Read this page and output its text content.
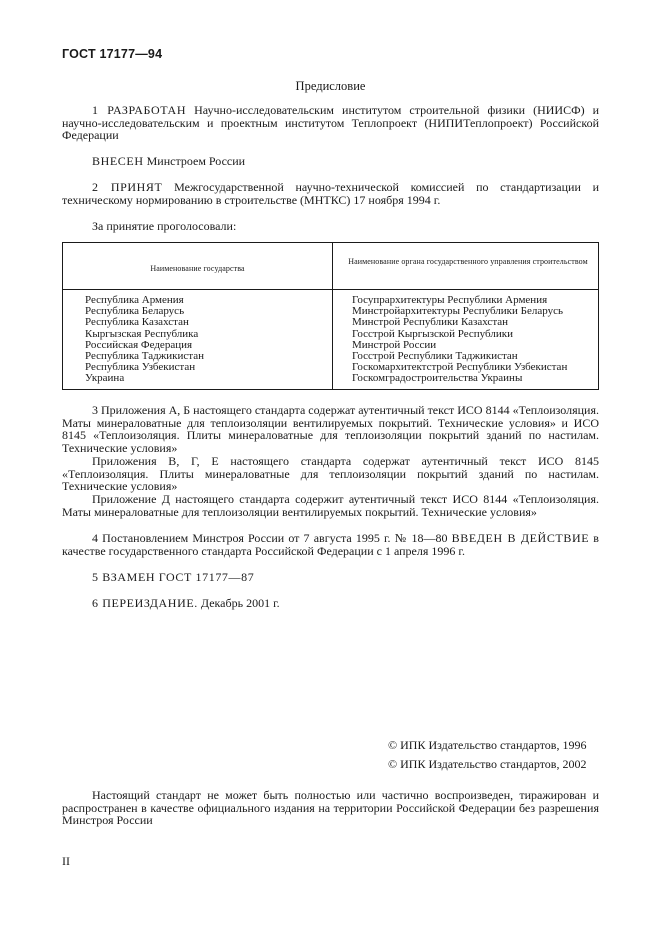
ГОСТ 17177—94
Предисловие
1 РАЗРАБОТАН Научно-исследовательским институтом строительной физики (НИИСФ) и научно-исследовательским и проектным институтом Теплопроект (НИПИТеплопроект) Российской Федерации
ВНЕСЕН Минстроем России
2 ПРИНЯТ Межгосударственной научно-технической комиссией по стандартизации и техническому нормированию в строительстве (МНТКС) 17 ноября 1994 г.
За принятие проголосовали:
Наименование государства
Наименование органа государственного управления строительством
Республика Армения
Республика Беларусь
Республика Казахстан
Кыргызская Республика
Российская Федерация
Республика Таджикистан
Республика Узбекистан
Украина
Госупрархитектуры Республики Армения
Минстройархитектуры Республики Беларусь
Минстрой Республики Казахстан
Госстрой Кыргызской Республики
Минстрой России
Госстрой Республики Таджикистан
Госкомархитектстрой Республики Узбекистан
Госкомградостроительства Украины
3 Приложения А, Б настоящего стандарта содержат аутентичный текст ИСО 8144 «Теплоизоляция. Маты минераловатные для теплоизоляции вентилируемых покрытий. Технические условия» и ИСО 8145 «Теплоизоляция. Плиты минераловатные для теплоизоляции покрытий зданий по настилам. Технические условия»
Приложения В, Г, Е настоящего стандарта содержат аутентичный текст ИСО 8145 «Теплоизоляция. Плиты минераловатные для теплоизоляции покрытий зданий по настилам. Технические условия»
Приложение Д настоящего стандарта содержит аутентичный текст ИСО 8144 «Теплоизоляция. Маты минераловатные для теплоизоляции вентилируемых покрытий. Технические условия»
4 Постановлением Минстроя России от 7 августа 1995 г. № 18—80 ВВЕДЕН В ДЕЙСТВИЕ в качестве государственного стандарта Российской Федерации с 1 апреля 1996 г.
5 ВЗАМЕН ГОСТ 17177—87
6 ПЕРЕИЗДАНИЕ. Декабрь 2001 г.
© ИПК Издательство стандартов, 1996
© ИПК Издательство стандартов, 2002
Настоящий стандарт не может быть полностью или частично воспроизведен, тиражирован и распространен в качестве официального издания на территории Российской Федерации без разрешения Минстроя России
II
